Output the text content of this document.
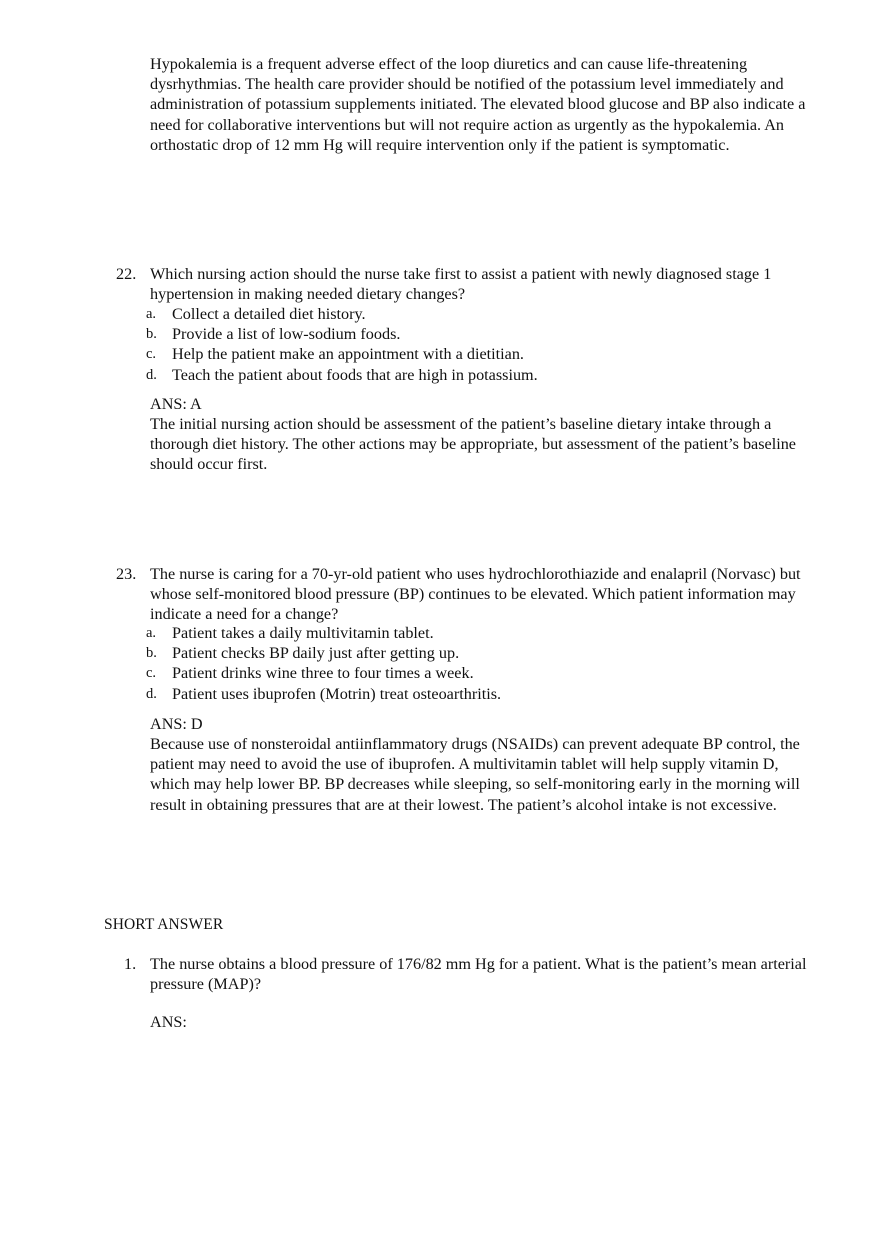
Hypokalemia is a frequent adverse effect of the loop diuretics and can cause life-threatening dysrhythmias. The health care provider should be notified of the potassium level immediately and administration of potassium supplements initiated. The elevated blood glucose and BP also indicate a need for collaborative interventions but will not require action as urgently as the hypokalemia. An orthostatic drop of 12 mm Hg will require intervention only if the patient is symptomatic.

22. Which nursing action should the nurse take first to assist a patient with newly diagnosed stage 1 hypertension in making needed dietary changes?

a. Collect a detailed diet history.
b. Provide a list of low-sodium foods.
c. Help the patient make an appointment with a dietitian.
d. Teach the patient about foods that are high in potassium.
ANS: A

The initial nursing action should be assessment of the patient’s baseline dietary intake through a thorough diet history. The other actions may be appropriate, but assessment of the patient’s baseline should occur first.

23. The nurse is caring for a 70-yr-old patient who uses hydrochlorothiazide and enalapril (Norvasc) but whose self-monitored blood pressure (BP) continues to be elevated. Which patient information may indicate a need for a change?

a. Patient takes a daily multivitamin tablet.
b. Patient checks BP daily just after getting up.
c. Patient drinks wine three to four times a week.
d. Patient uses ibuprofen (Motrin) treat osteoarthritis.
ANS: D

Because use of nonsteroidal antiinflammatory drugs (NSAIDs) can prevent adequate BP control, the patient may need to avoid the use of ibuprofen. A multivitamin tablet will help supply vitamin D, which may help lower BP. BP decreases while sleeping, so self-monitoring early in the morning will result in obtaining pressures that are at their lowest. The patient’s alcohol intake is not excessive.

SHORT ANSWER
1. The nurse obtains a blood pressure of 176/82 mm Hg for a patient. What is the patient’s mean arterial pressure (MAP)?

ANS:
